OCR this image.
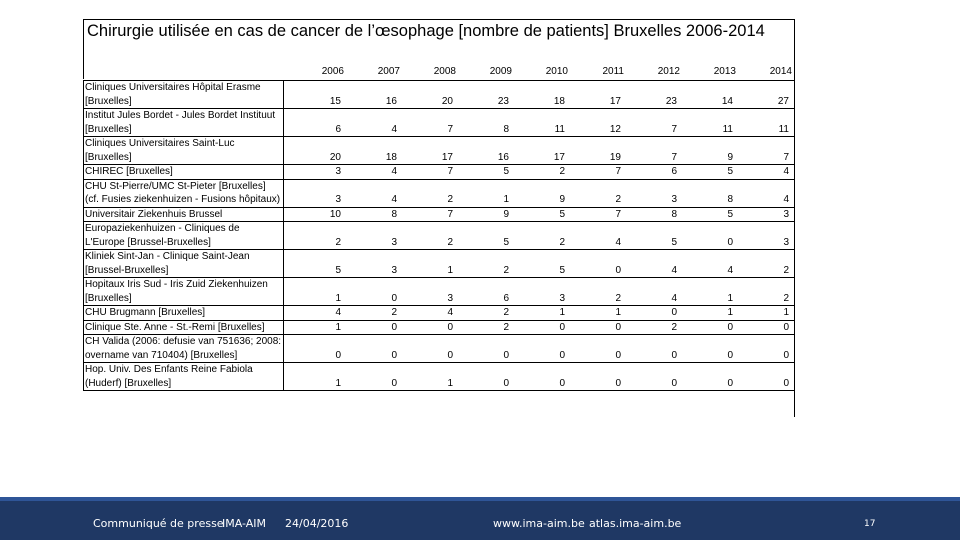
Chirurgie utilisée en cas de cancer de l’œsophage [nombre de patients] Bruxelles 2006-2014
2006	2007	2008	2009	2010	2011	2012	2013	2014
Cliniques Universitaires Hôpital Erasme [Bruxelles]	15	16	20	23	18	17	23	14	27
Institut Jules Bordet - Jules Bordet Instituut [Bruxelles]	6	4	7	8	11	12	7	11	11
Cliniques Universitaires Saint-Luc [Bruxelles]	20	18	17	16	17	19	7	9	7
CHIREC [Bruxelles]	3	4	7	5	2	7	6	5	4
CHU St-Pierre/UMC St-Pieter [Bruxelles] (cf. Fusies ziekenhuizen - Fusions hôpitaux)	3	4	2	1	9	2	3	8	4
Universitair Ziekenhuis Brussel	10	8	7	9	5	7	8	5	3
Europaziekenhuizen - Cliniques de L'Europe [Brussel-Bruxelles]	2	3	2	5	2	4	5	0	3
Kliniek Sint-Jan - Clinique Saint-Jean [Brussel-Bruxelles]	5	3	1	2	5	0	4	4	2
Hopitaux Iris Sud - Iris Zuid Ziekenhuizen [Bruxelles]	1	0	3	6	3	2	4	1	2
CHU Brugmann [Bruxelles]	4	2	4	2	1	1	0	1	1
Clinique Ste. Anne - St.-Remi [Bruxelles]	1	0	0	2	0	0	2	0	0
CH Valida (2006: defusie van 751636; 2008: overname van 710404) [Bruxelles]	0	0	0	0	0	0	0	0	0
Hop. Univ. Des Enfants Reine Fabiola (Huderf) [Bruxelles]	1	0	1	0	0	0	0	0	0
Communiqué de presse
IMA-AIM 24/04/2016	www.ima-aim.be atlas.ima-aim.be	17
